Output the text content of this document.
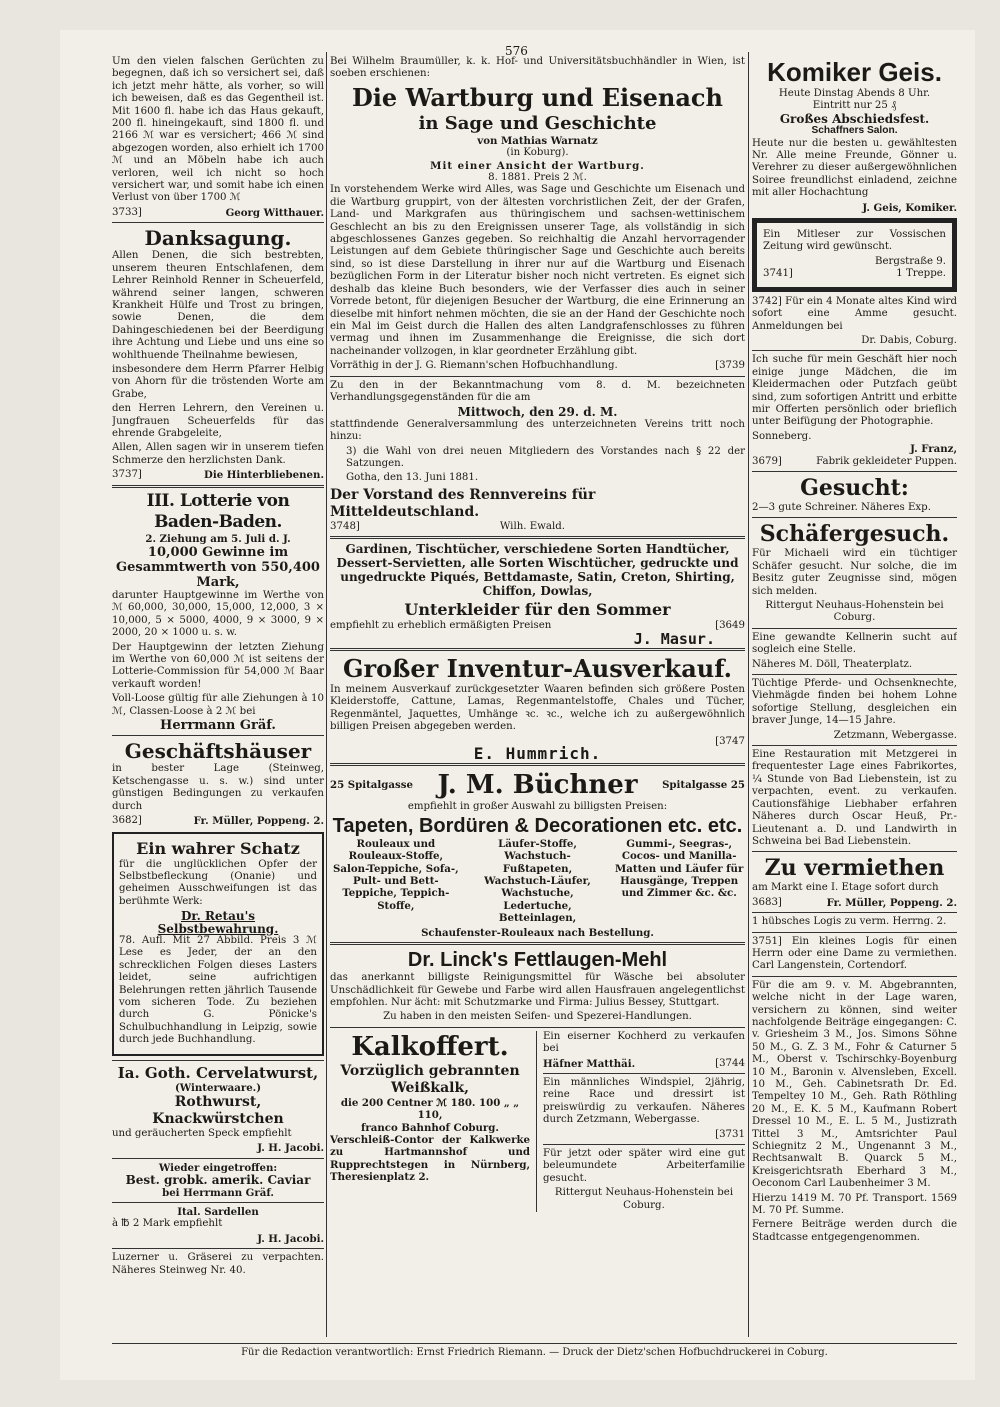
576

Um den vielen falschen Gerüchten zu begegnen, daß ich so versichert sei, daß ich jetzt mehr hätte, als vorher, so will ich beweisen, daß es das Gegentheil ist. Mit 1600 fl. habe ich das Haus gekauft, 200 fl. hineingekauft, sind 1800 fl. und 2166 ℳ war es versichert; 466 ℳ sind abgezogen worden, also erhielt ich 1700 ℳ und an Möbeln habe ich auch verloren, weil ich nicht so hoch versichert war, und somit habe ich einen Verlust von über 1700 ℳ

3733]	Georg Witthauer.
Danksagung.

Allen Denen, die sich bestrebten, unserem theuren Entschlafenen, dem Lehrer Reinhold Renner in Scheuerfeld, während seiner langen, schweren Krankheit Hülfe und Trost zu bringen, sowie Denen, die dem Dahingeschiedenen bei der Beerdigung ihre Achtung und Liebe und uns eine so wohlthuende Theilnahme bewiesen,

insbesondere dem Herrn Pfarrer Helbig von Ahorn für die tröstenden Worte am Grabe,

den Herren Lehrern, den Vereinen u. Jungfrauen Scheuerfelds für das ehrende Grabgeleite,

Allen, Allen sagen wir in unserem tiefen Schmerze den herzlichsten Dank.

3737]	Die Hinterbliebenen.
III. Lotterie von Baden-Baden.
2. Ziehung am 5. Juli d. J.
10,000 Gewinne im Gesammtwerth von 550,400 Mark,

darunter Hauptgewinne im Werthe von ℳ 60,000, 30,000, 15,000, 12,000, 3 × 10,000, 5 × 5000, 4000, 9 × 3000, 9 × 2000, 20 × 1000 u. s. w.

Der Hauptgewinn der letzten Ziehung im Werthe von 60,000 ℳ ist seitens der Lotterie-Commission für 54,000 ℳ Baar verkauft worden!

Voll-Loose gültig für alle Ziehungen à 10 ℳ, Classen-Loose à 2 ℳ bei

Herrmann Gräf.
Geschäftshäuser

in bester Lage (Steinweg, Ketschengasse u. s. w.) sind unter günstigen Bedingungen zu verkaufen durch

3682]	Fr. Müller, Poppeng. 2.
Ein wahrer Schatz

für die unglücklichen Opfer der Selbstbefleckung (Onanie) und geheimen Ausschweifungen ist das berühmte Werk:

Dr. Retau's Selbstbewahrung.

78. Aufl. Mit 27 Abbild. Preis 3 ℳ Lese es Jeder, der an den schrecklichen Folgen dieses Lasters leidet, seine aufrichtigen Belehrungen retten jährlich Tausende vom sicheren Tode. Zu beziehen durch G. Pönicke's Schulbuchhandlung in Leipzig, sowie durch jede Buchhandlung.

Ia. Goth. Cervelatwurst,
(Winterwaare.)
Rothwurst, Knackwürstchen

und geräucherten Speck empfiehlt

J. H. Jacobi.
Wieder eingetroffen:
Best. grobk. amerik. Caviar
bei Herrmann Gräf.
Ital. Sardellen

à ℔ 2 Mark empfiehlt

J. H. Jacobi.

Luzerner u. Gräserei zu verpachten. Näheres Steinweg Nr. 40.

Bei Wilhelm Braumüller, k. k. Hof- und Universitätsbuchhändler in Wien, ist soeben erschienen:

Die Wartburg und Eisenach
in Sage und Geschichte
von Mathias Warnatz
(in Koburg).
Mit einer Ansicht der Wartburg.
8. 1881. Preis 2 ℳ.

In vorstehendem Werke wird Alles, was Sage und Geschichte um Eisenach und die Wartburg gruppirt, von der ältesten vorchristlichen Zeit, der der Grafen, Land- und Markgrafen aus thüringischem und sachsen-wettinischem Geschlecht an bis zu den Ereignissen unserer Tage, als vollständig in sich abgeschlossenes Ganzes gegeben. So reichhaltig die Anzahl hervorragender Leistungen auf dem Gebiete thüringischer Sage und Geschichte auch bereits sind, so ist diese Darstellung in ihrer nur auf die Wartburg und Eisenach bezüglichen Form in der Literatur bisher noch nicht vertreten. Es eignet sich deshalb das kleine Buch besonders, wie der Verfasser dies auch in seiner Vorrede betont, für diejenigen Besucher der Wartburg, die eine Erinnerung an dieselbe mit hinfort nehmen möchten, die sie an der Hand der Geschichte noch ein Mal im Geist durch die Hallen des alten Landgrafenschlosses zu führen vermag und ihnen im Zusammenhange die Ereignisse, die sich dort nacheinander vollzogen, in klar geordneter Erzählung gibt.

Vorräthig in der J. G. Riemann'schen Hofbuchhandlung.	[3739

Zu den in der Bekanntmachung vom 8. d. M. bezeichneten Verhandlungsgegenständen für die am

Mittwoch, den 29. d. M.

stattfindende Generalversammlung des unterzeichneten Vereins tritt noch hinzu:

3) die Wahl von drei neuen Mitgliedern des Vorstandes nach § 22 der Satzungen.

Gotha, den 13. Juni 1881.

Der Vorstand des Rennvereins für Mitteldeutschland.
3748]	Wilh. Ewald.

Gardinen, Tischtücher, verschiedene Sorten Handtücher, Dessert-Servietten, alle Sorten Wischtücher, gedruckte und ungedruckte Piqués, Bettdamaste, Satin, Creton, Shirting, Chiffon, Dowlas,

Unterkleider für den Sommer
empfiehlt zu erheblich ermäßigten Preisen	[3649
J. Masur.
Großer Inventur-Ausverkauf.

In meinem Ausverkauf zurückgesetzter Waaren befinden sich größere Posten Kleiderstoffe, Cattune, Lamas, Regenmantelstoffe, Chales und Tücher, Regenmäntel, Jaquettes, Umhänge ꝛc. ꝛc., welche ich zu außergewöhnlich billigen Preisen abgegeben werden.

[3747
E. Hummrich.
25 Spitalgasse J. M. Büchner Spitalgasse 25
empfiehlt in großer Auswahl zu billigsten Preisen:
Tapeten, Bordüren & Decorationen etc. etc.

Rouleaux und Rouleaux-Stoffe, Salon-Teppiche, Sofa-, Pult- und Bett-Teppiche, Teppich-Stoffe,

Läufer-Stoffe, Wachstuch-Fußtapeten, Wachstuch-Läufer, Wachstuche, Ledertuche, Betteinlagen,

Gummi-, Seegras-, Cocos- und Manilla-Matten und Läufer für Hausgänge, Treppen und Zimmer &c. &c.

Schaufenster-Rouleaux nach Bestellung.
Dr. Linck's Fettlaugen-Mehl

das anerkannt billigste Reinigungsmittel für Wäsche bei absoluter Unschädlichkeit für Gewebe und Farbe wird allen Hausfrauen angelegentlichst empfohlen. Nur ächt: mit Schutzmarke und Firma: Julius Bessey, Stuttgart.

Zu haben in den meisten Seifen- und Spezerei-Handlungen.
Kalkoffert.
Vorzüglich gebrannten Weißkalk,
die 200 Centner ℳ 180. 100 „ „ 110,
franco Bahnhof Coburg.

Verschleiß-Contor der Kalkwerke zu Hartmannshof und Rupprechtstegen in Nürnberg, Theresienplatz 2.

Ein eiserner Kochherd zu verkaufen bei

Häfner Matthäi.	[3744

Ein männliches Windspiel, 2jährig, reine Race und dressirt ist preiswürdig zu verkaufen. Näheres durch Zetzmann, Webergasse.

[3731

Für jetzt oder später wird eine gut beleumundete Arbeiterfamilie gesucht.

Rittergut Neuhaus-Hohenstein bei Coburg.
Komiker Geis.
Heute Dinstag Abends 8 Uhr.
Eintritt nur 25 ₰
Großes Abschiedsfest.
Schaffners Salon.

Heute nur die besten u. gewähltesten Nr. Alle meine Freunde, Gönner u. Verehrer zu dieser außergewöhnlichen Soiree freundlichst einladend, zeichne mit aller Hochachtung

J. Geis, Komiker.

Ein Mitleser zur Vossischen Zeitung wird gewünscht.

Bergstraße 9.
3741]	1 Treppe.

3742] Für ein 4 Monate altes Kind wird sofort eine Amme gesucht. Anmeldungen bei

Dr. Dabis, Coburg.

Ich suche für mein Geschäft hier noch einige junge Mädchen, die im Kleidermachen oder Putzfach geübt sind, zum sofortigen Antritt und erbitte mir Offerten persönlich oder brieflich unter Beifügung der Photographie.

Sonneberg.
J. Franz,
3679]	Fabrik gekleideter Puppen.
Gesucht:
2—3 gute Schreiner. Näheres Exp.
Schäfergesuch.

Für Michaeli wird ein tüchtiger Schäfer gesucht. Nur solche, die im Besitz guter Zeugnisse sind, mögen sich melden.

Rittergut Neuhaus-Hohenstein bei Coburg.

Eine gewandte Kellnerin sucht auf sogleich eine Stelle.

Näheres M. Döll, Theaterplatz.

Tüchtige Pferde- und Ochsenknechte, Viehmägde finden bei hohem Lohne sofortige Stellung, desgleichen ein braver Junge, 14—15 Jahre.

Zetzmann, Webergasse.

Eine Restauration mit Metzgerei in frequentester Lage eines Fabrikortes, ¼ Stunde von Bad Liebenstein, ist zu verpachten, event. zu verkaufen. Cautionsfähige Liebhaber erfahren Näheres durch Oscar Heuß, Pr.-Lieutenant a. D. und Landwirth in Schweina bei Bad Liebenstein.

Zu vermiethen

am Markt eine I. Etage sofort durch

3683]	Fr. Müller, Poppeng. 2.

1 hübsches Logis zu verm. Herrng. 2.

3751] Ein kleines Logis für einen Herrn oder eine Dame zu vermiethen. Carl Langenstein, Cortendorf.

Für die am 9. v. M. Abgebrannten, welche nicht in der Lage waren, versichern zu können, sind weiter nachfolgende Beiträge eingegangen: C. v. Griesheim 3 M., Jos. Simons Söhne 50 M., G. Z. 3 M., Fohr & Caturner 5 M., Oberst v. Tschirschky-Boyenburg 10 M., Baronin v. Alvensleben, Excell. 10 M., Geh. Cabinetsrath Dr. Ed. Tempeltey 10 M., Geh. Rath Röthling 20 M., E. K. 5 M., Kaufmann Robert Dressel 10 M., E. L. 5 M., Justizrath Tittel 3 M., Amtsrichter Paul Schiegnitz 2 M., Ungenannt 3 M., Rechtsanwalt B. Quarck 5 M., Kreisgerichtsrath Eberhard 3 M., Oeconom Carl Laubenheimer 3 M.

Hierzu 1419 M. 70 Pf. Transport. 1569 M. 70 Pf. Summe.

Fernere Beiträge werden durch die Stadtcasse entgegengenommen.

Für die Redaction verantwortlich: Ernst Friedrich Riemann. — Druck der Dietz'schen Hofbuchdruckerei in Coburg.
